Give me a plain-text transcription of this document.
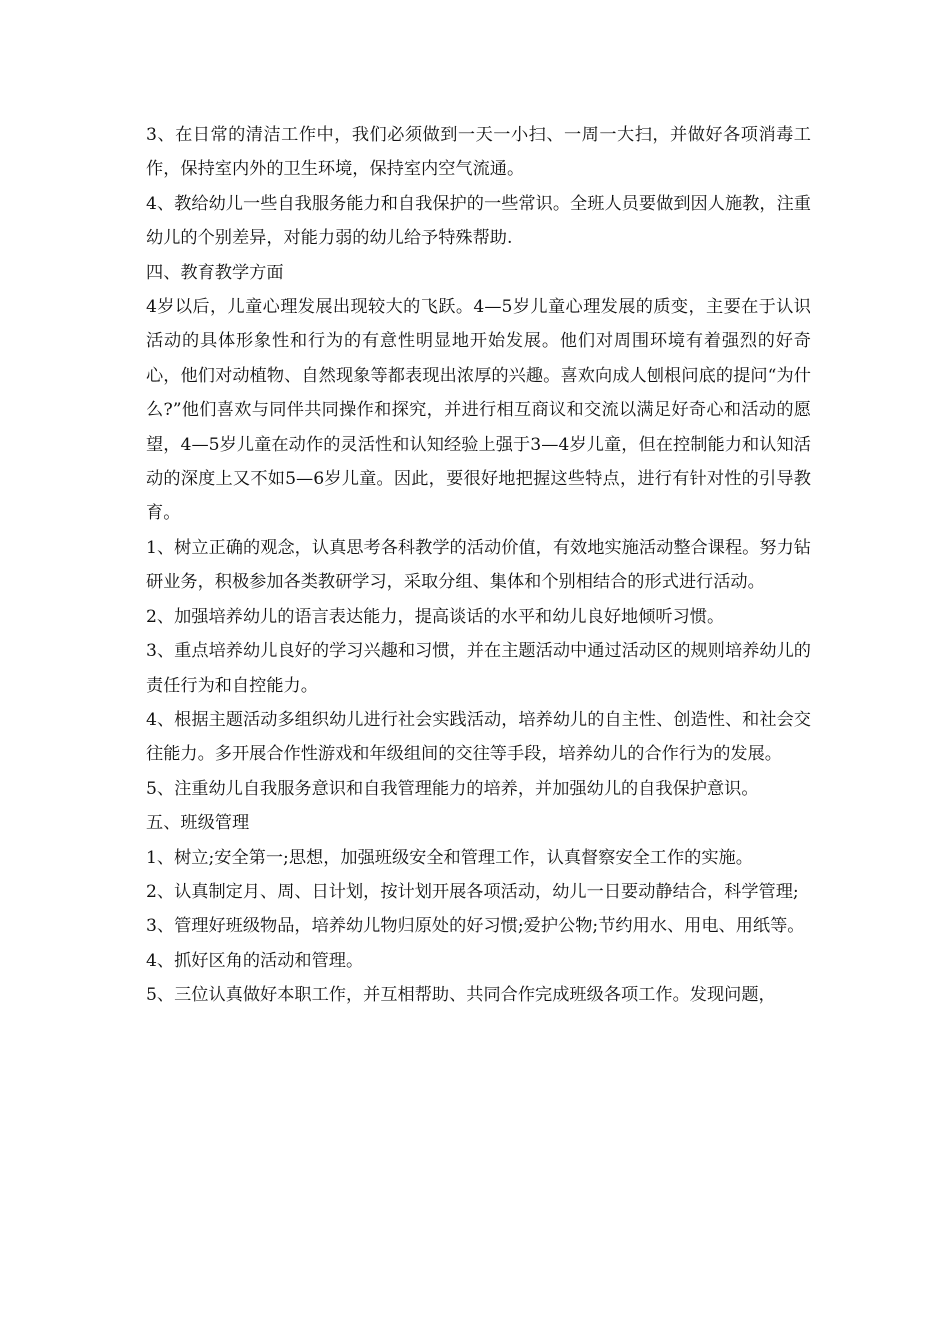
3、在日常的清洁工作中，我们必须做到一天一小扫、一周一大扫，并做好各项消毒工作，保持室内外的卫生环境，保持室内空气流通。

4、教给幼儿一些自我服务能力和自我保护的一些常识。全班人员要做到因人施教，注重幼儿的个别差异，对能力弱的幼儿给予特殊帮助.

四、教育教学方面

4岁以后，儿童心理发展出现较大的飞跃。4—5岁儿童心理发展的质变，主要在于认识活动的具体形象性和行为的有意性明显地开始发展。他们对周围环境有着强烈的好奇心，他们对动植物、自然现象等都表现出浓厚的兴趣。喜欢向成人刨根问底的提问“为什么?”他们喜欢与同伴共同操作和探究，并进行相互商议和交流以满足好奇心和活动的愿望，4—5岁儿童在动作的灵活性和认知经验上强于3—4岁儿童，但在控制能力和认知活动的深度上又不如5—6岁儿童。因此，要很好地把握这些特点，进行有针对性的引导教育。

1、树立正确的观念，认真思考各科教学的活动价值，有效地实施活动整合课程。努力钻研业务，积极参加各类教研学习，采取分组、集体和个别相结合的形式进行活动。

2、加强培养幼儿的语言表达能力，提高谈话的水平和幼儿良好地倾听习惯。

3、重点培养幼儿良好的学习兴趣和习惯，并在主题活动中通过活动区的规则培养幼儿的责任行为和自控能力。

4、根据主题活动多组织幼儿进行社会实践活动，培养幼儿的自主性、创造性、和社会交往能力。多开展合作性游戏和年级组间的交往等手段，培养幼儿的合作行为的发展。

5、注重幼儿自我服务意识和自我管理能力的培养，并加强幼儿的自我保护意识。

五、班级管理

1、树立;安全第一;思想，加强班级安全和管理工作，认真督察安全工作的实施。

2、认真制定月、周、日计划，按计划开展各项活动，幼儿一日要动静结合，科学管理;

3、管理好班级物品，培养幼儿物归原处的好习惯;爱护公物;节约用水、用电、用纸等。

4、抓好区角的活动和管理。

5、三位认真做好本职工作，并互相帮助、共同合作完成班级各项工作。发现问题，
